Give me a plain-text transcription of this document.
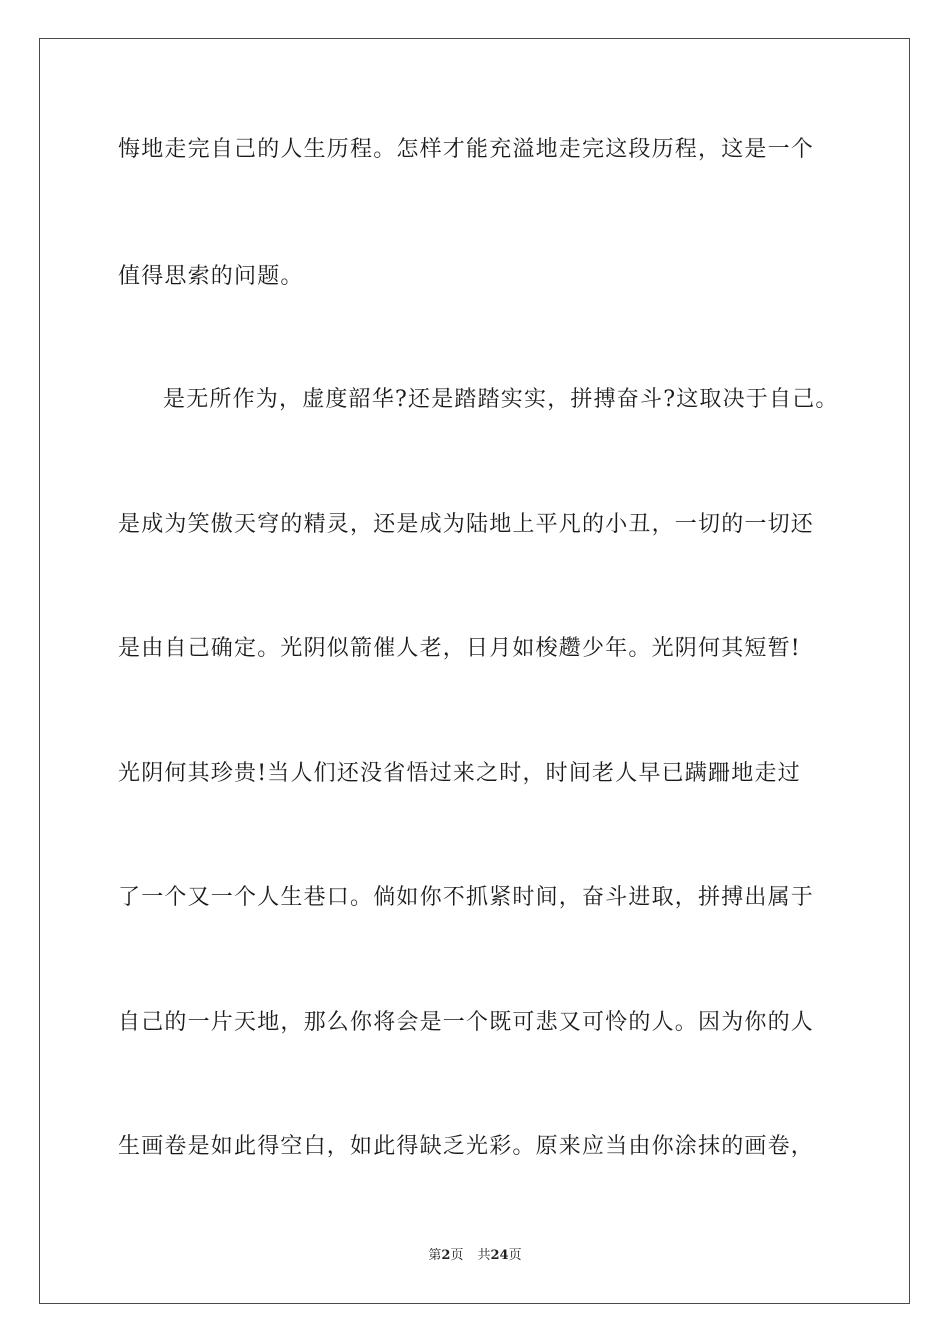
悔地走完自己的人生历程。怎样才能充溢地走完这段历程，这是一个
值得思索的问题。
是无所作为，虚度韶华?还是踏踏实实，拼搏奋斗?这取决于自己。
是成为笑傲天穹的精灵，还是成为陆地上平凡的小丑，一切的一切还
是由自己确定。光阴似箭催人老，日月如梭趱少年。光阴何其短暂!
光阴何其珍贵!当人们还没省悟过来之时，时间老人早已蹒跚地走过
了一个又一个人生巷口。倘如你不抓紧时间，奋斗进取，拼搏出属于
自己的一片天地，那么你将会是一个既可悲又可怜的人。因为你的人
生画卷是如此得空白，如此得缺乏光彩。原来应当由你涂抹的画卷，
第2页 共24页
